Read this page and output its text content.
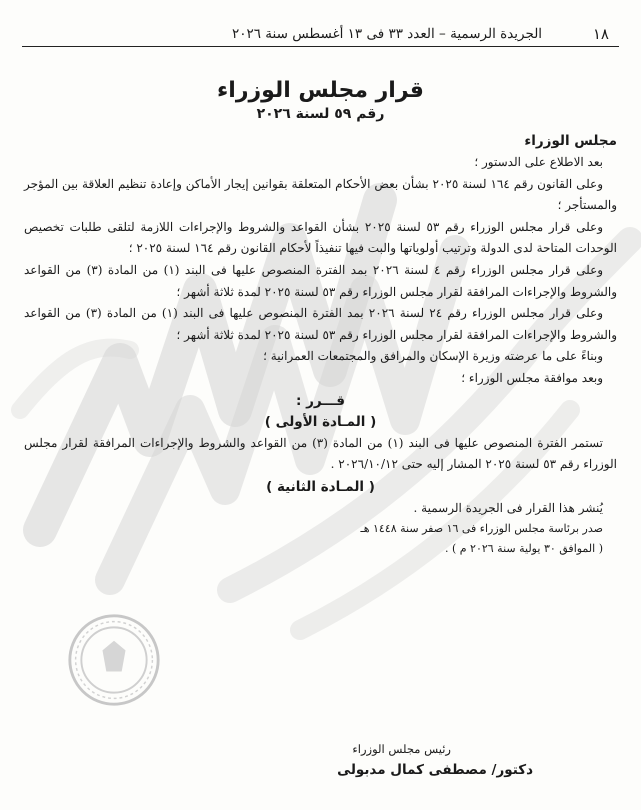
١٨
الجريدة الرسمية – العدد ٣٣ فى ١٣ أغسطس سنة ٢٠٢٦
قرار مجلس الوزراء
رقم ٥٩ لسنة ٢٠٢٦
مجلس الوزراء

بعد الاطلاع على الدستور ؛

وعلى القانون رقم ١٦٤ لسنة ٢٠٢٥ بشأن بعض الأحكام المتعلقة بقوانين إيجار الأماكن وإعادة تنظيم العلاقة بين المؤجر والمستأجر ؛

وعلى قرار مجلس الوزراء رقم ٥٣ لسنة ٢٠٢٥ بشأن القواعد والشروط والإجراءات اللازمة لتلقى طلبات تخصيص الوحدات المتاحة لدى الدولة وترتيب أولوياتها والبت فيها تنفيذاً لأحكام القانون رقم ١٦٤ لسنة ٢٠٢٥ ؛

وعلى قرار مجلس الوزراء رقم ٤ لسنة ٢٠٢٦ بمد الفترة المنصوص عليها فى البند (١) من المادة (٣) من القواعد والشروط والإجراءات المرافقة لقرار مجلس الوزراء رقم ٥٣ لسنة ٢٠٢٥ لمدة ثلاثة أشهر ؛

وعلى قرار مجلس الوزراء رقم ٢٤ لسنة ٢٠٢٦ بمد الفترة المنصوص عليها فى البند (١) من المادة (٣) من القواعد والشروط والإجراءات المرافقة لقرار مجلس الوزراء رقم ٥٣ لسنة ٢٠٢٥ لمدة ثلاثة أشهر ؛

وبناءً على ما عرضته وزيرة الإسكان والمرافق والمجتمعات العمرانية ؛

وبعد موافقة مجلس الوزراء ؛

قـــرر :

( المـادة الأولى )

تستمر الفترة المنصوص عليها فى البند (١) من المادة (٣) من القواعد والشروط والإجراءات المرافقة لقرار مجلس الوزراء رقم ٥٣ لسنة ٢٠٢٥ المشار إليه حتى ٢٠٢٦/١٠/١٢ .

( المـادة الثانية )

يُنشر هذا القرار فى الجريدة الرسمية .

صدر برئاسة مجلس الوزراء فى ١٦ صفر سنة ١٤٤٨ هـ

( الموافق ٣٠ يولية سنة ٢٠٢٦ م ) .

رئيس مجلس الوزراء
دكتور/ مصطفى كمال مدبولى
